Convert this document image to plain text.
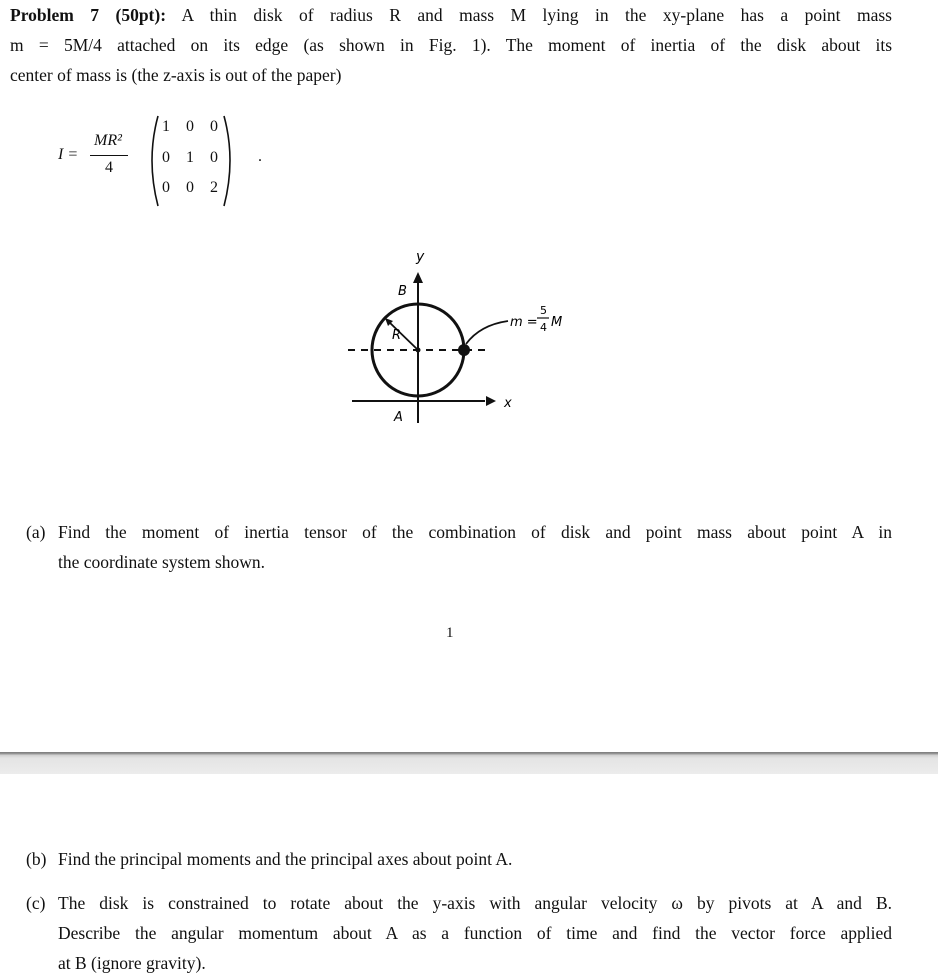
Problem 7 (50pt): A thin disk of radius R and mass M lying in the xy-plane has a point mass
m = 5M/4 attached on its edge (as shown in Fig. 1). The moment of inertia of the disk about its
center of mass is (the z-axis is out of the paper)
I =
MR²
4
1 0 0
0 1 0
0 0 2
.
y
B
R
m =
5
4 M
x
A
(a) Find the moment of inertia tensor of the combination of disk and point mass about point A in
the coordinate system shown.
1
(b) Find the principal moments and the principal axes about point A.
(c) The disk is constrained to rotate about the y-axis with angular velocity ω by pivots at A and B.
Describe the angular momentum about A as a function of time and find the vector force applied
at B (ignore gravity).
